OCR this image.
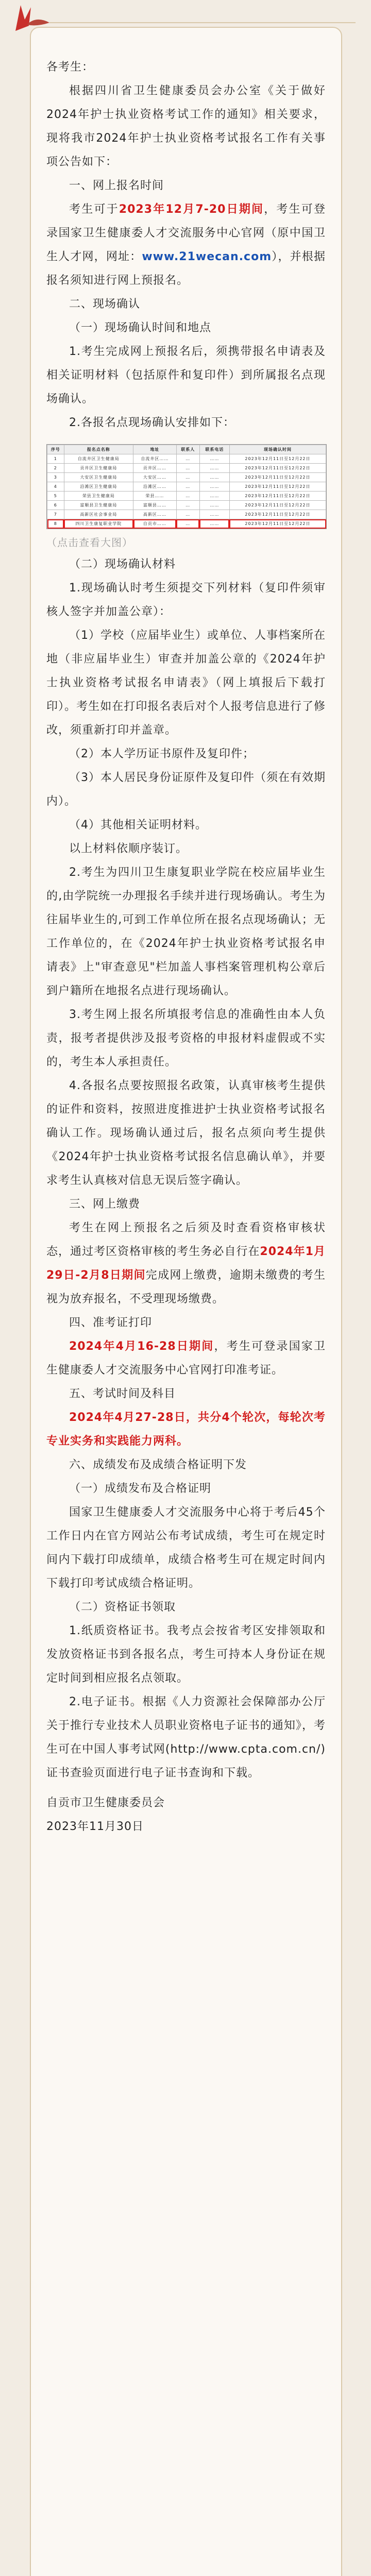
各考生：

根据四川省卫生健康委员会办公室《关于做好2024年护士执业资格考试工作的通知》相关要求，现将我市2024年护士执业资格考试报名工作有关事项公告如下：

一、网上报名时间

考生可于2023年12月7-20日期间，考生可登录国家卫生健康委人才交流服务中心官网（原中国卫生人才网，网址：www.21wecan.com），并根据报名须知进行网上预报名。

二、现场确认

（一）现场确认时间和地点

1.考生完成网上预报名后，须携带报名申请表及相关证明材料（包括原件和复印件）到所属报名点现场确认。

2.各报名点现场确认安排如下：

序号	报名点名称	地址	联系人	联系电话	现场确认时间
1	自流井区卫生健康局	自流井区……	…	……	2023年12月11日至12月22日
2	贡井区卫生健康局	贡井区……	…	……	2023年12月11日至12月22日
3	大安区卫生健康局	大安区……	…	……	2023年12月11日至12月22日
4	沿滩区卫生健康局	沿滩区……	…	……	2023年12月11日至12月22日
5	荣县卫生健康局	荣县……	…	……	2023年12月11日至12月22日
6	富顺县卫生健康局	富顺县……	…	……	2023年12月11日至12月22日
7	高新区社会事业局	高新区……	…	……	2023年12月11日至12月22日
8	四川卫生康复职业学院	自贡市……	…	……	2023年12月11日至12月22日

（点击查看大图）

（二）现场确认材料

1.现场确认时考生须提交下列材料（复印件须审核人签字并加盖公章）：

（1）学校（应届毕业生）或单位、人事档案所在地（非应届毕业生）审查并加盖公章的《2024年护士执业资格考试报名申请表》（网上填报后下载打印）。考生如在打印报名表后对个人报考信息进行了修改，须重新打印并盖章。

（2）本人学历证书原件及复印件；

（3）本人居民身份证原件及复印件（须在有效期内）。

（4）其他相关证明材料。

以上材料依顺序装订。

2.考生为四川卫生康复职业学院在校应届毕业生的,由学院统一办理报名手续并进行现场确认。考生为往届毕业生的,可到工作单位所在报名点现场确认；无工作单位的，在《2024年护士执业资格考试报名申请表》上"审查意见"栏加盖人事档案管理机构公章后到户籍所在地报名点进行现场确认。

3.考生网上报名所填报考信息的准确性由本人负责，报考者提供涉及报考资格的申报材料虚假或不实的，考生本人承担责任。

4.各报名点要按照报名政策，认真审核考生提供的证件和资料，按照进度推进护士执业资格考试报名确认工作。现场确认通过后，报名点须向考生提供《2024年护士执业资格考试报名信息确认单》，并要求考生认真核对信息无误后签字确认。

三、网上缴费

考生在网上预报名之后须及时查看资格审核状态，通过考区资格审核的考生务必自行在2024年1月29日-2月8日期间完成网上缴费，逾期未缴费的考生视为放弃报名，不受理现场缴费。

四、准考证打印

2024年4月16-28日期间，考生可登录国家卫生健康委人才交流服务中心官网打印准考证。

五、考试时间及科目

2024年4月27-28日，共分4个轮次，每轮次考专业实务和实践能力两科。

六、成绩发布及成绩合格证明下发

（一）成绩发布及合格证明

国家卫生健康委人才交流服务中心将于考后45个工作日内在官方网站公布考试成绩，考生可在规定时间内下载打印成绩单，成绩合格考生可在规定时间内下载打印考试成绩合格证明。

（二）资格证书领取

1.纸质资格证书。我考点会按省考区安排领取和发放资格证书到各报名点，考生可持本人身份证在规定时间到相应报名点领取。

2.电子证书。根据《人力资源社会保障部办公厅关于推行专业技术人员职业资格电子证书的通知》，考生可在中国人事考试网(http://www.cpta.com.cn/)证书查验页面进行电子证书查询和下载。

自贡市卫生健康委员会

2023年11月30日
